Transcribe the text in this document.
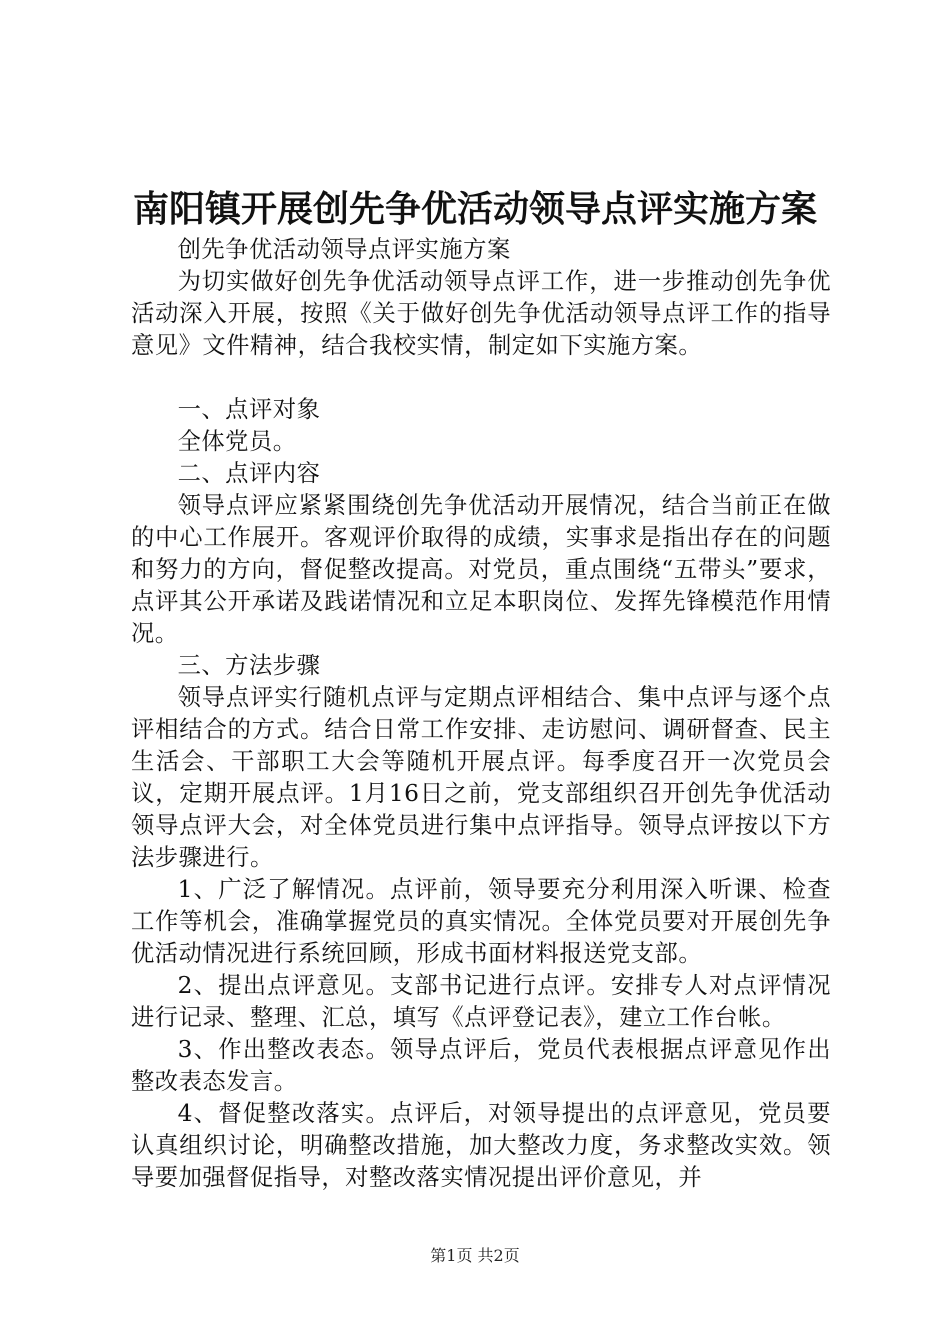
南阳镇开展创先争优活动领导点评实施方案

创先争优活动领导点评实施方案

为切实做好创先争优活动领导点评工作，进一步推动创先争优活动深入开展，按照《关于做好创先争优活动领导点评工作的指导意见》文件精神，结合我校实情，制定如下实施方案。

一、点评对象

全体党员。

二、点评内容

领导点评应紧紧围绕创先争优活动开展情况，结合当前正在做的中心工作展开。客观评价取得的成绩，实事求是指出存在的问题和努力的方向，督促整改提高。对党员，重点围绕“五带头”要求，点评其公开承诺及践诺情况和立足本职岗位、发挥先锋模范作用情况。

三、方法步骤

领导点评实行随机点评与定期点评相结合、集中点评与逐个点评相结合的方式。结合日常工作安排、走访慰问、调研督查、民主生活会、干部职工大会等随机开展点评。每季度召开一次党员会议，定期开展点评。1月16日之前，党支部组织召开创先争优活动领导点评大会，对全体党员进行集中点评指导。领导点评按以下方法步骤进行。

1、广泛了解情况。点评前，领导要充分利用深入听课、检查工作等机会，准确掌握党员的真实情况。全体党员要对开展创先争优活动情况进行系统回顾，形成书面材料报送党支部。

2、提出点评意见。支部书记进行点评。安排专人对点评情况进行记录、整理、汇总，填写《点评登记表》，建立工作台帐。

3、作出整改表态。领导点评后，党员代表根据点评意见作出整改表态发言。

4、督促整改落实。点评后，对领导提出的点评意见，党员要认真组织讨论，明确整改措施，加大整改力度，务求整改实效。领导要加强督促指导，对整改落实情况提出评价意见，并

第1页 共2页
